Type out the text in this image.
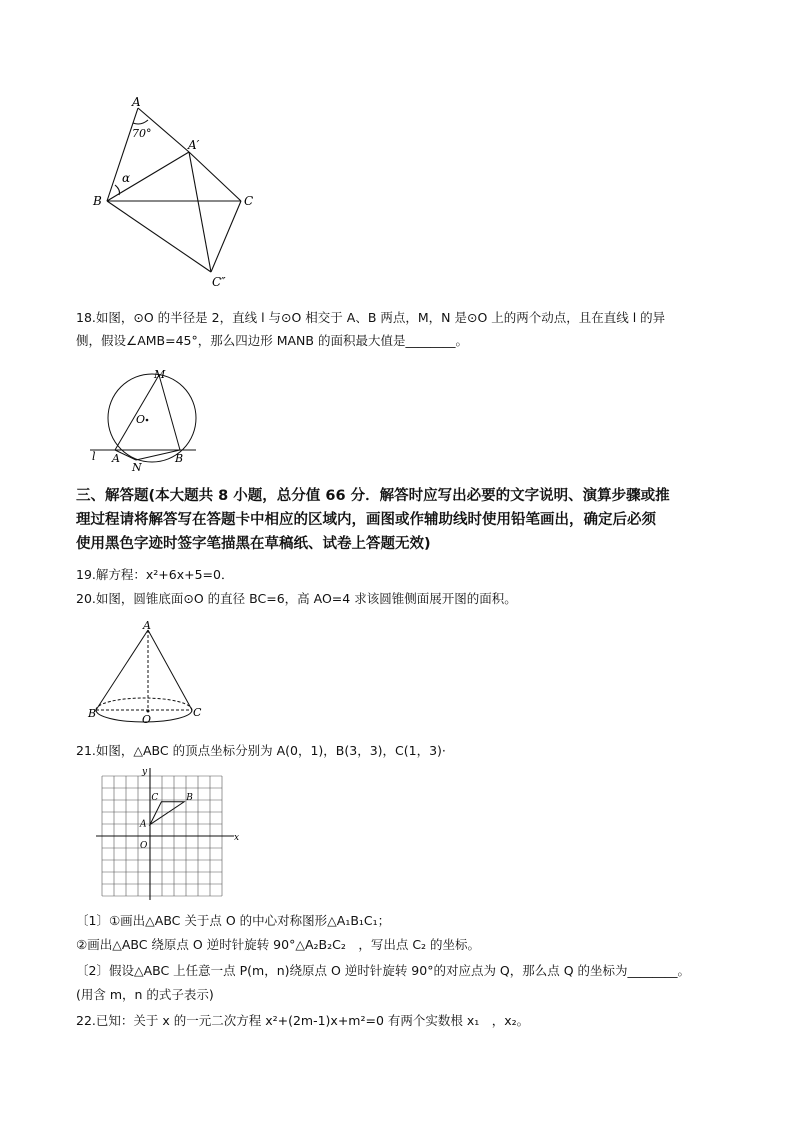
A
70°
A′
α
B	C
C″
18.如图，⊙O 的半径是 2，直线 l 与⊙O 相交于 A、B 两点，M，N 是⊙O 上的两个动点，且在直线 l 的异
侧，假设∠AMB=45°，那么四边形 MANB 的面积最大值是________。
M
O
l A
N
B
三、解答题(本大题共 8 小题，总分值 66 分．解答时应写出必要的文字说明、演算步骤或推
理过程请将解答写在答题卡中相应的区域内，画图或作辅助线时使用铅笔画出，确定后必须
使用黑色字迹时签字笔描黑在草稿纸、试卷上答题无效)
19.解方程：x²+6x+5=0．
20.如图，圆锥底面⊙O 的直径 BC=6，高 AO=4 求该圆锥侧面展开图的面积。
A
B	O
C
21.如图，△ABC 的顶点坐标分别为 A(0，1)，B(3，3)，C(1，3)·
y
x
O
A
B
C
〔1〕①画出△ABC 关于点 O 的中心对称图形△A₁B₁C₁；
②画出△ABC 绕原点 O 逆时针旋转 90°△A₂B₂C₂　，写出点 C₂ 的坐标。
〔2〕假设△ABC 上任意一点 P(m，n)绕原点 O 逆时针旋转 90°的对应点为 Q，那么点 Q 的坐标为________。
(用含 m，n 的式子表示)
22.已知：关于 x 的一元二次方程 x²+(2m-1)x+m²=0 有两个实数根 x₁　，x₂。
